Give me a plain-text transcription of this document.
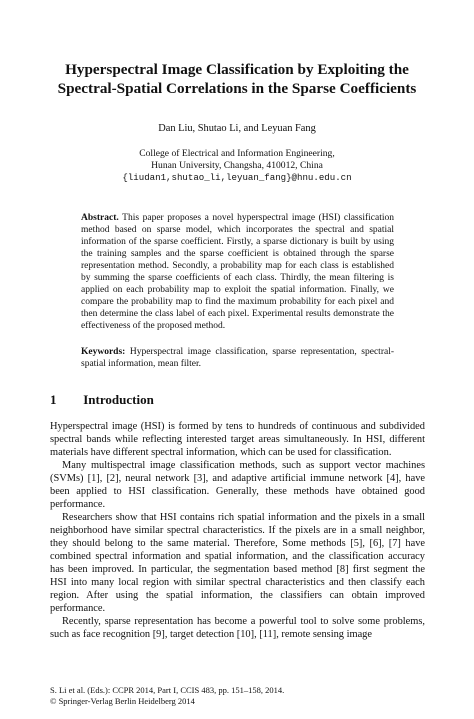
Hyperspectral Image Classification by Exploiting the
Spectral-Spatial Correlations in the Sparse Coefficients
Dan Liu, Shutao Li, and Leyuan Fang
College of Electrical and Information Engineering,
Hunan University, Changsha, 410012, China
{liudan1,shutao_li,leyuan_fang}@hnu.edu.cn
Abstract. This paper proposes a novel hyperspectral image (HSI) classification method based on sparse model, which incorporates the spectral and spatial information of the sparse coefficient. Firstly, a sparse dictionary is built by using the training samples and the sparse coefficient is obtained through the sparse representation method. Secondly, a probability map for each class is established by summing the sparse coefficients of each class. Thirdly, the mean filtering is applied on each probability map to exploit the spatial information. Finally, we compare the probability map to find the maximum probability for each pixel and then determine the class label of each pixel. Experimental results demonstrate the effectiveness of the proposed method.
Keywords: Hyperspectral image classification, sparse representation, spectral-spatial information, mean filter.
1 Introduction

Hyperspectral image (HSI) is formed by tens to hundreds of continuous and subdivided spectral bands while reflecting interested target areas simultaneously. In HSI, different materials have different spectral information, which can be used for classification.

Many multispectral image classification methods, such as support vector machines (SVMs) [1], [2], neural network [3], and adaptive artificial immune network [4], have been applied to HSI classification. Generally, these methods have obtained good performance.

Researchers show that HSI contains rich spatial information and the pixels in a small neighborhood have similar spectral characteristics. If the pixels are in a small neighbor, they should belong to the same material. Therefore, Some methods [5], [6], [7] have combined spectral information and spatial information, and the classification accuracy has been improved. In particular, the segmentation based method [8] first segment the HSI into many local region with similar spectral characteristics and then classify each region. After using the spatial information, the classifiers can obtain improved performance.

Recently, sparse representation has become a powerful tool to solve some problems, such as face recognition [9], target detection [10], [11], remote sensing image

S. Li et al. (Eds.): CCPR 2014, Part I, CCIS 483, pp. 151–158, 2014.
© Springer-Verlag Berlin Heidelberg 2014
